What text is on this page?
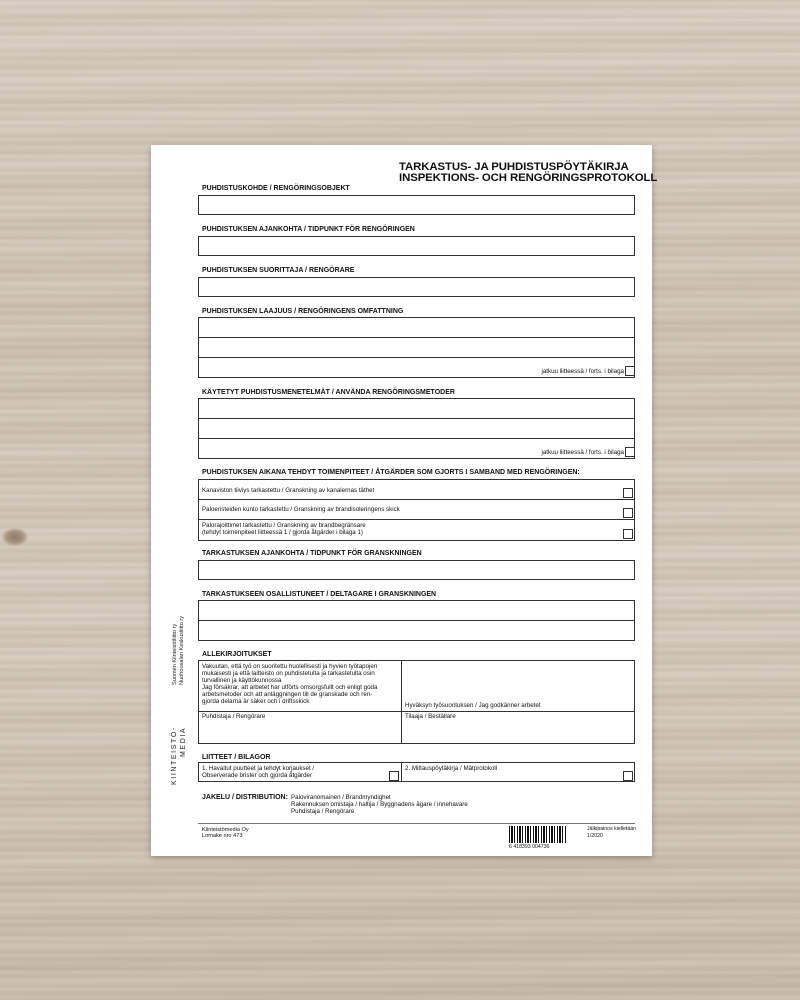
TARKASTUS- JA PUHDISTUSPÖYTÄKIRJA
INSPEKTIONS- OCH RENGÖRINGSPROTOKOLL
PUHDISTUSKOHDE / RENGÖRINGSOBJEKT
PUHDISTUKSEN AJANKOHTA / TIDPUNKT FÖR RENGÖRINGEN
PUHDISTUKSEN SUORITTAJA / RENGÖRARE
PUHDISTUKSEN LAAJUUS / RENGÖRINGENS OMFATTNING
jatkuu liitteessä / forts. i bilaga
KÄYTETYT PUHDISTUSMENETELMÄT / ANVÄNDA RENGÖRINGSMETODER
jatkuu liitteessä / forts. i bilaga
PUHDISTUKSEN AIKANA TEHDYT TOIMENPITEET / ÅTGÄRDER SOM GJORTS I SAMBAND MED RENGÖRINGEN:
Kanaviston tiiviys tarkastettu / Granskning av kanalernas täthet
Paloeristeiden kunto tarkastettu / Granskning av brandisoleringens skick
Palorajoittimet tarkastettu / Granskning av brandbegränsare
(tehdyt toimenpiteet liitteessä 1 / gjorda åtgärder i bilaga 1)
TARKASTUKSEN AJANKOHTA / TIDPUNKT FÖR GRANSKNINGEN
TARKASTUKSEEN OSALLISTUNEET / DELTAGARE I GRANSKNINGEN
ALLEKIRJOITUKSET
Vakuutan, että työ on suoritettu huolellisesti ja hyvien työtapojen
mukaisesti ja että laitteisto on puhdistetulta ja tarkastetulta osin
turvallinen ja käyttökunnossa
Jag försäkrar, att arbetet har utförts omsorgsfullt och enligt goda
arbetsmetoder och att anläggningen till de granskade och ren-
gjorda delarna är säker och i driftsskick
Hyväksyn työsuorituksen / Jag godkänner arbetet
Puhdistaja / Rengörare	Tilaaja / Beställare
LIITTEET / BILAGOR
1. Havaitut puutteet ja tehdyt korjaukset /
Observerade brister och gjorda åtgärder
2. Mittauspöytäkirja / Mätprotokoll
JAKELU / DISTRIBUTION: Paloviranomainen / Brandmyndighet
Rakennuksen omistaja / haltija / Byggnadens ägare / innehavare
Puhdistaja / Rengörare
Suomen Kiinteistöliitto ry Nuohousalan Keskusliitto ry
KIINTEISTÖ- MEDIA
Kiinteistömedia Oy
Lomake nro 473
6 418393 004736
Jälkipainos kielletään
1/2020
